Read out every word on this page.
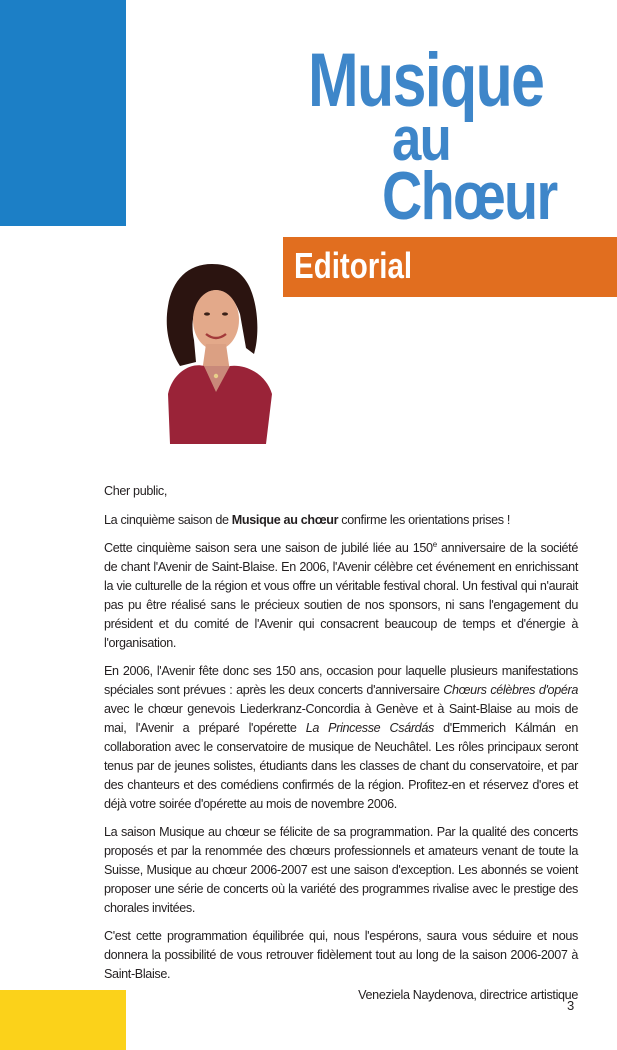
Musique
au
Chœur
Editorial

Cher public,

La cinquième saison de Musique au chœur confirme les orientations prises !

Cette cinquième saison sera une saison de jubilé liée au 150e anniversaire de la société de chant l'Avenir de Saint-Blaise. En 2006, l'Avenir célèbre cet événement en enrichissant la vie culturelle de la région et vous offre un véritable festival choral. Un festival qui n'aurait pas pu être réalisé sans le précieux soutien de nos sponsors, ni sans l'engagement du président et du comité de l'Avenir qui consacrent beaucoup de temps et d'énergie à l'organisation.

En 2006, l'Avenir fête donc ses 150 ans, occasion pour laquelle plusieurs manifestations spéciales sont prévues : après les deux concerts d'anniversaire Chœurs célèbres d'opéra avec le chœur genevois Liederkranz-Concordia à Genève et à Saint-Blaise au mois de mai, l'Avenir a préparé l'opérette La Princesse Csárdás d'Emmerich Kálmán en collaboration avec le conservatoire de musique de Neuchâtel. Les rôles principaux seront tenus par de jeunes solistes, étudiants dans les classes de chant du conservatoire, et par des chanteurs et des comédiens confirmés de la région. Profitez-en et réservez d'ores et déjà votre soirée d'opérette au mois de novembre 2006.

La saison Musique au chœur se félicite de sa programmation. Par la qualité des concerts proposés et par la renommée des chœurs professionnels et amateurs venant de toute la Suisse, Musique au chœur 2006-2007 est une saison d'exception. Les abonnés se voient proposer une série de concerts où la variété des programmes rivalise avec le prestige des chorales invitées.

C'est cette programmation équilibrée qui, nous l'espérons, saura vous séduire et nous donnera la possibilité de vous retrouver fidèlement tout au long de la saison 2006-2007 à Saint-Blaise.

Veneziela Naydenova, directrice artistique

3
